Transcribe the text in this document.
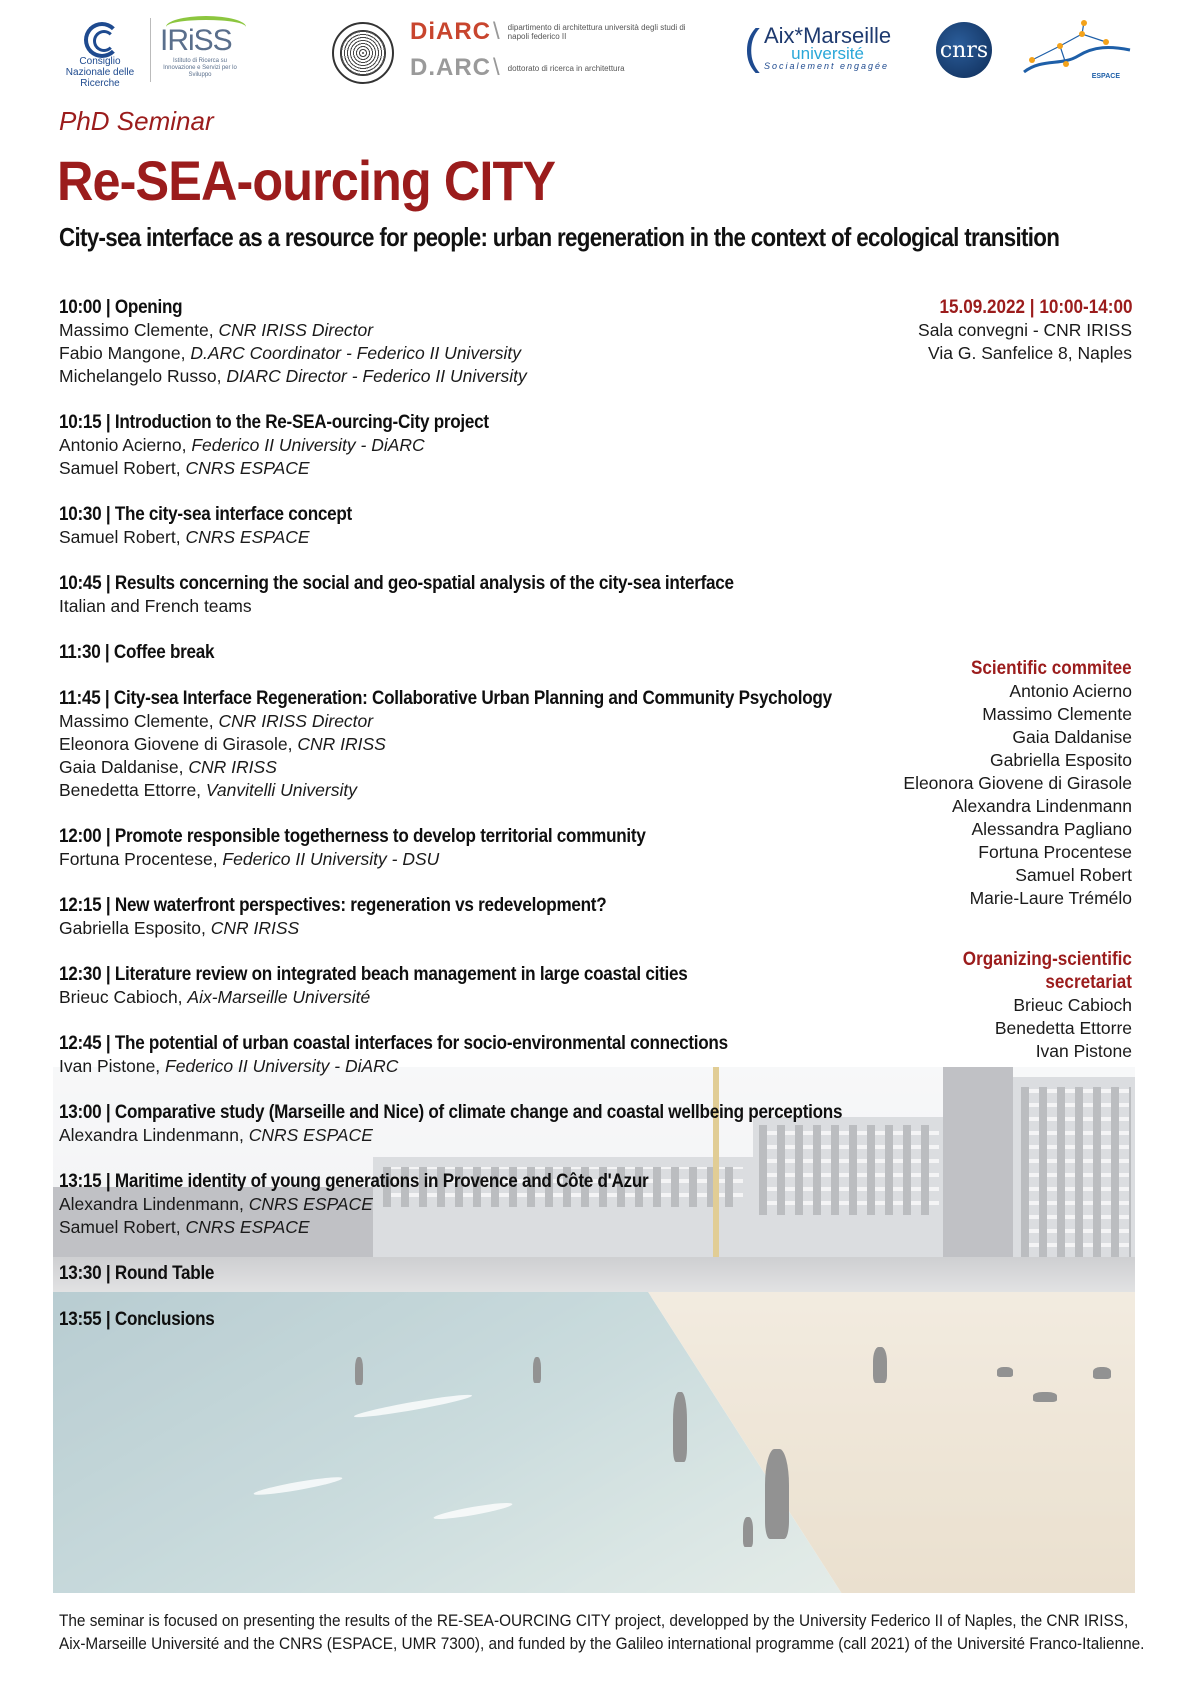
Consiglio Nazionale delle Ricerche
IRiSS
Istituto di Ricerca su Innovazione e Servizi per lo Sviluppo
DiARC \ dipartimento di architettura università degli studi di napoli federico II
D.ARC \ dottorato di ricerca in architettura	( Aix*Marseille
université
Socialement engagée
cnrs
ESPACE
PhD Seminar
Re-SEA-ourcing CITY
City-sea interface as a resource for people: urban regeneration in the context of ecological transition
10:00 | Opening
Massimo Clemente, CNR IRISS Director
Fabio Mangone, D.ARC Coordinator - Federico II University
Michelangelo Russo, DIARC Director - Federico II University
10:15 | Introduction to the Re-SEA-ourcing-City project
Antonio Acierno, Federico II University - DiARC
Samuel Robert, CNRS ESPACE
10:30 | The city-sea interface concept
Samuel Robert, CNRS ESPACE
10:45 | Results concerning the social and geo-spatial analysis of the city-sea interface
Italian and French teams
11:30 | Coffee break
11:45 | City-sea Interface Regeneration: Collaborative Urban Planning and Community Psychology
Massimo Clemente, CNR IRISS Director
Eleonora Giovene di Girasole, CNR IRISS
Gaia Daldanise, CNR IRISS
Benedetta Ettorre, Vanvitelli University
12:00 | Promote responsible togetherness to develop territorial community
Fortuna Procentese, Federico II University - DSU
12:15 | New waterfront perspectives: regeneration vs redevelopment?
Gabriella Esposito, CNR IRISS
12:30 | Literature review on integrated beach management in large coastal cities
Brieuc Cabioch, Aix-Marseille Université
12:45 | The potential of urban coastal interfaces for socio-environmental connections
Ivan Pistone, Federico II University - DiARC
13:00 | Comparative study (Marseille and Nice) of climate change and coastal wellbeing perceptions
Alexandra Lindenmann, CNRS ESPACE
13:15 | Maritime identity of young generations in Provence and Côte d'Azur
Alexandra Lindenmann, CNRS ESPACE
Samuel Robert, CNRS ESPACE
13:30 | Round Table
13:55 | Conclusions
15.09.2022 | 10:00-14:00
Sala convegni - CNR IRISS
Via G. Sanfelice 8, Naples
Scientific commitee
Antonio Acierno
Massimo Clemente
Gaia Daldanise
Gabriella Esposito
Eleonora Giovene di Girasole
Alexandra Lindenmann
Alessandra Pagliano
Fortuna Procentese
Samuel Robert
Marie-Laure Trémélo
Organizing-scientific
secretariat
Brieuc Cabioch
Benedetta Ettorre
Ivan Pistone
The seminar is focused on presenting the results of the RE-SEA-OURCING CITY project, developped by the University Federico II of Naples, the CNR IRISS,
Aix-Marseille Université and the CNRS (ESPACE, UMR 7300), and funded by the Galileo international programme (call 2021) of the Université Franco-Italienne.
